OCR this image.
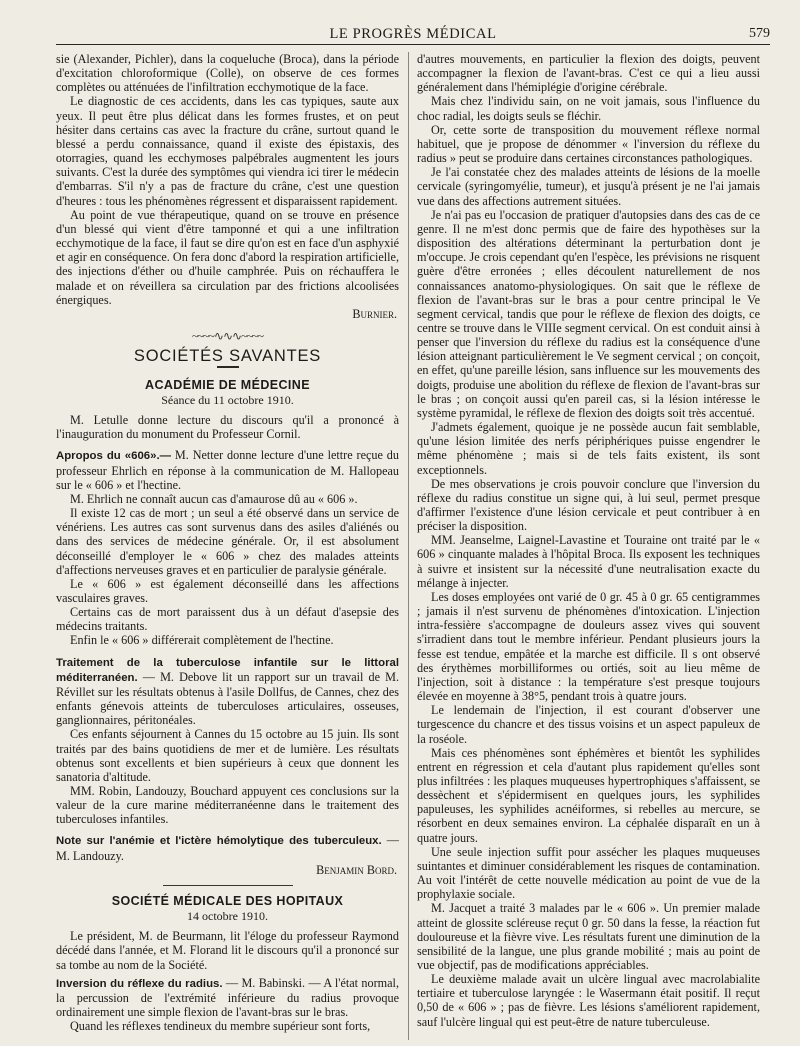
LE PROGRÈS MÉDICAL	579

sie (Alexander, Pichler), dans la coqueluche (Broca), dans la période d'excitation chloroformique (Colle), on observe de ces formes complètes ou atténuées de l'infiltration ecchymotique de la face.

Le diagnostic de ces accidents, dans les cas typiques, saute aux yeux. Il peut être plus délicat dans les formes frustes, et on peut hésiter dans certains cas avec la fracture du crâne, surtout quand le blessé a perdu connaissance, quand il existe des épistaxis, des otorragies, quand les ecchymoses palpébrales augmentent les jours suivants. C'est la durée des symptômes qui viendra ici tirer le médecin d'embarras. S'il n'y a pas de fracture du crâne, c'est une question d'heures : tous les phénomènes régressent et disparaissent rapidement.

Au point de vue thérapeutique, quand on se trouve en présence d'un blessé qui vient d'être tamponné et qui a une infiltration ecchymotique de la face, il faut se dire qu'on est en face d'un asphyxié et agir en conséquence. On fera donc d'abord la respiration artificielle, des injections d'éther ou d'huile camphrée. Puis on réchauffera le malade et on réveillera sa circulation par des frictions alcoolisées énergiques.

Burnier.
~~~~∿∿∿~~~~
SOCIÉTÉS SAVANTES
ACADÉMIE DE MÉDECINE
Séance du 11 octobre 1910.

M. Letulle donne lecture du discours qu'il a prononcé à l'inauguration du monument du Professeur Cornil.

Apropos du «606».— M. Netter donne lecture d'une lettre reçue du professeur Ehrlich en réponse à la communication de M. Hallopeau sur le « 606 » et l'hectine.

M. Ehrlich ne connaît aucun cas d'amaurose dû au « 606 ».

Il existe 12 cas de mort ; un seul a été observé dans un service de vénériens. Les autres cas sont survenus dans des asiles d'aliénés ou dans des services de médecine générale. Or, il est absolument déconseillé d'employer le « 606 » chez des malades atteints d'affections nerveuses graves et en particulier de paralysie générale.

Le « 606 » est également déconseillé dans les affections vasculaires graves.

Certains cas de mort paraissent dus à un défaut d'asepsie des médecins traitants.

Enfin le « 606 » différerait complètement de l'hectine.

Traitement de la tuberculose infantile sur le littoral méditerranéen. — M. Debove lit un rapport sur un travail de M. Révillet sur les résultats obtenus à l'asile Dollfus, de Cannes, chez des enfants génevois atteints de tuberculoses articulaires, osseuses, ganglionnaires, péritonéales.

Ces enfants séjournent à Cannes du 15 octobre au 15 juin. Ils sont traités par des bains quotidiens de mer et de lumière. Les résultats obtenus sont excellents et bien supérieurs à ceux que donnent les sanatoria d'altitude.

MM. Robin, Landouzy, Bouchard appuyent ces conclusions sur la valeur de la cure marine méditerranéenne dans le traitement des tuberculoses infantiles.

Note sur l'anémie et l'ictère hémolytique des tuberculeux. — M. Landouzy.

Benjamin Bord.
SOCIÉTÉ MÉDICALE DES HOPITAUX
14 octobre 1910.

Le président, M. de Beurmann, lit l'éloge du professeur Raymond décédé dans l'année, et M. Florand lit le discours qu'il a prononcé sur sa tombe au nom de la Société.

Inversion du réflexe du radius. — M. Babinski. — A l'état normal, la percussion de l'extrémité inférieure du radius provoque ordinairement une simple flexion de l'avant-bras sur le bras.

Quand les réflexes tendineux du membre supérieur sont forts,

d'autres mouvements, en particulier la flexion des doigts, peuvent accompagner la flexion de l'avant-bras. C'est ce qui a lieu aussi généralement dans l'hémiplégie d'origine cérébrale.

Mais chez l'individu sain, on ne voit jamais, sous l'influence du choc radial, les doigts seuls se fléchir.

Or, cette sorte de transposition du mouvement réflexe normal habituel, que je propose de dénommer « l'inversion du réflexe du radius » peut se produire dans certaines circonstances pathologiques.

Je l'ai constatée chez des malades atteints de lésions de la moelle cervicale (syringomyélie, tumeur), et jusqu'à présent je ne l'ai jamais vue dans des affections autrement situées.

Je n'ai pas eu l'occasion de pratiquer d'autopsies dans des cas de ce genre. Il ne m'est donc permis que de faire des hypothèses sur la disposition des altérations déterminant la perturbation dont je m'occupe. Je crois cependant qu'en l'espèce, les prévisions ne risquent guère d'être erronées ; elles découlent naturellement de nos connaissances anatomo-physiologiques. On sait que le réflexe de flexion de l'avant-bras sur le bras a pour centre principal le Ve segment cervical, tandis que pour le réflexe de flexion des doigts, ce centre se trouve dans le VIIIe segment cervical. On est conduit ainsi à penser que l'inversion du réflexe du radius est la conséquence d'une lésion atteignant particulièrement le Ve segment cervical ; on conçoit, en effet, qu'une pareille lésion, sans influence sur les mouvements des doigts, produise une abolition du réflexe de flexion de l'avant-bras sur le bras ; on conçoit aussi qu'en pareil cas, si la lésion intéresse le système pyramidal, le réflexe de flexion des doigts soit très accentué.

J'admets également, quoique je ne possède aucun fait semblable, qu'une lésion limitée des nerfs périphériques puisse engendrer le même phénomène ; mais si de tels faits existent, ils sont exceptionnels.

De mes observations je crois pouvoir conclure que l'inversion du réflexe du radius constitue un signe qui, à lui seul, permet presque d'affirmer l'existence d'une lésion cervicale et peut contribuer à en préciser la disposition.

MM. Jeanselme, Laignel-Lavastine et Touraine ont traité par le « 606 » cinquante malades à l'hôpital Broca. Ils exposent les techniques à suivre et insistent sur la nécessité d'une neutralisation exacte du mélange à injecter.

Les doses employées ont varié de 0 gr. 45 à 0 gr. 65 centigrammes ; jamais il n'est survenu de phénomènes d'intoxication. L'injection intra-fessière s'accompagne de douleurs assez vives qui souvent s'irradient dans tout le membre inférieur. Pendant plusieurs jours la fesse est tendue, empâtée et la marche est difficile. Il s ont observé des érythèmes morbilliformes ou ortiés, soit au lieu même de l'injection, soit à distance : la température s'est presque toujours élevée en moyenne à 38°5, pendant trois à quatre jours.

Le lendemain de l'injection, il est courant d'observer une turgescence du chancre et des tissus voisins et un aspect papuleux de la roséole.

Mais ces phénomènes sont éphémères et bientôt les syphilides entrent en régression et cela d'autant plus rapidement qu'elles sont plus infiltrées : les plaques muqueuses hypertrophiques s'affaissent, se dessèchent et s'épidermisent en quelques jours, les syphilides papuleuses, les syphilides acnéiformes, si rebelles au mercure, se résorbent en deux semaines environ. La céphalée disparaît en un à quatre jours.

Une seule injection suffit pour assécher les plaques muqueuses suintantes et diminuer considérablement les risques de contamination. Au voit l'intérêt de cette nouvelle médication au point de vue de la prophylaxie sociale.

M. Jacquet a traité 3 malades par le « 606 ». Un premier malade atteint de glossite scléreuse reçut 0 gr. 50 dans la fesse, la réaction fut douloureuse et la fièvre vive. Les résultats furent une diminution de la sensibilité de la langue, une plus grande mobilité ; mais au point de vue objectif, pas de modifications appréciables.

Le deuxième malade avait un ulcère lingual avec macrolabialite tertiaire et tuberculose laryngée : le Wasermann était positif. Il reçut 0,50 de « 606 » ; pas de fièvre. Les lésions s'améliorent rapidement, sauf l'ulcère lingual qui est peut-être de nature tuberculeuse.
